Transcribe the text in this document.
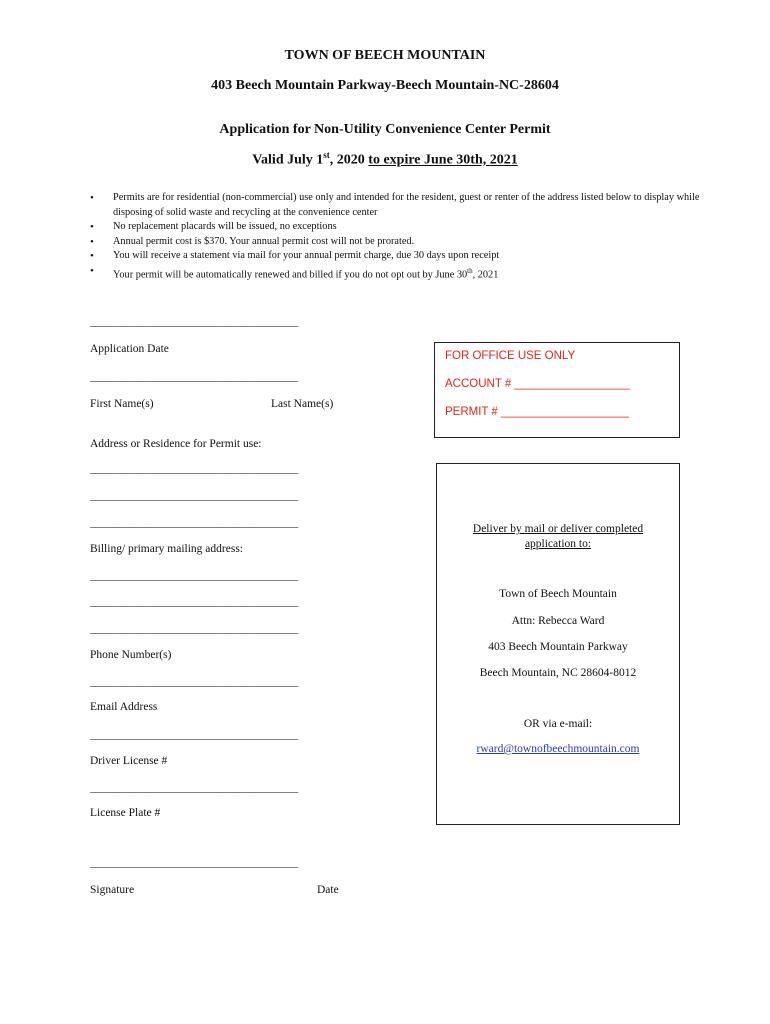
TOWN OF BEECH MOUNTAIN
403 Beech Mountain Parkway-Beech Mountain-NC-28604
Application for Non-Utility Convenience Center Permit
Valid July 1st, 2020 to expire June 30th, 2021
• Permits are for residential (non-commercial) use only and intended for the resident, guest or renter of the address listed below to display while disposing of solid waste and recycling at the convenience center
• No replacement placards will be issued, no exceptions
• Annual permit cost is $370. Your annual permit cost will not be prorated.
• You will receive a statement via mail for your annual permit charge, due 30 days upon receipt
• Your permit will be automatically renewed and billed if you do not opt out by June 30th, 2021
________________________________________
Application Date
________________________________________
First Name(s)	Last Name(s)
Address or Residence for Permit use:
________________________________________
________________________________________
________________________________________
Billing/ primary mailing address:
________________________________________
________________________________________
________________________________________
Phone Number(s)
________________________________________
Email Address
________________________________________
Driver License #
________________________________________
License Plate #
________________________________________
Signature	Date
FOR OFFICE USE ONLY
ACCOUNT # __________________
PERMIT # ____________________
Deliver by mail or deliver completed application to:
Town of Beech Mountain
Attn: Rebecca Ward
403 Beech Mountain Parkway
Beech Mountain, NC 28604-8012
OR via e-mail:
rward@townofbeechmountain.com
